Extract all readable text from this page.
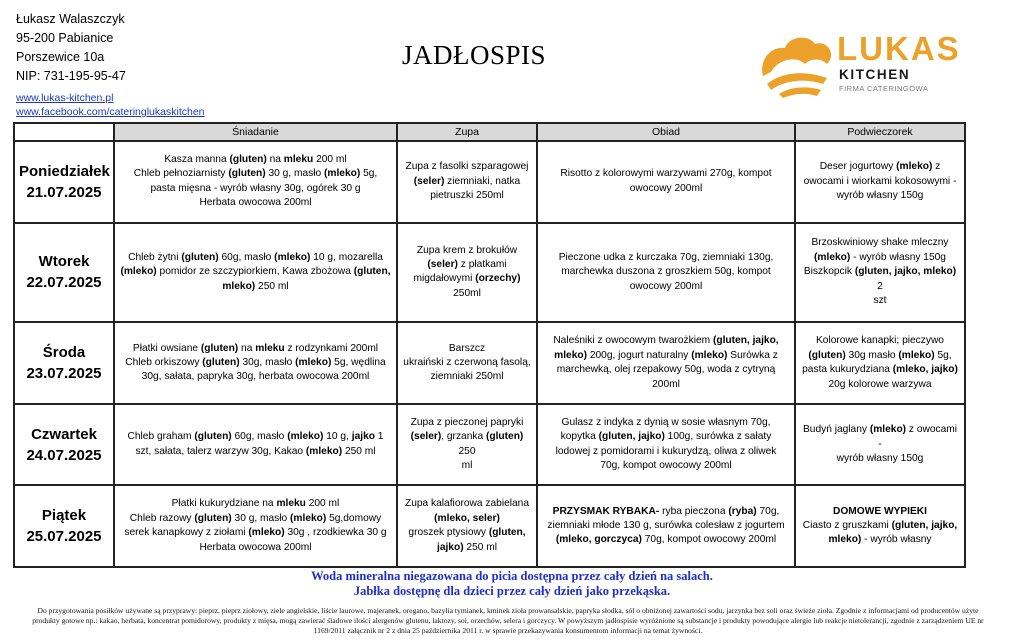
Łukasz Walaszczyk
95-200 Pabianice
Porszewice 10a
NIP: 731-195-95-47
www.lukas-kitchen.pl
www.facebook.com/cateringlukaskitchen
JADŁOSPIS	LUKAS
KITCHEN
FIRMA CATERINGOWA
	Śniadanie	Zupa	Obiad	Podwieczorek

Poniedziałek
21.07.2025	Kasza manna (gluten) na mleku 200 ml
Chleb pełnoziarnisty (gluten) 30 g, masło (mleko) 5g,
pasta mięsna - wyrób własny 30g, ogórek 30 g
Herbata owocowa 200ml	Zupa z fasolki szparagowej
(seler) ziemniaki, natka
pietruszki 250ml	Risotto z kolorowymi warzywami 270g, kompot
owocowy 200ml	Deser jogurtowy (mleko) z
owocami i wiorkami kokosowymi -
wyrób własny 150g

Wtorek
22.07.2025	Chleb żytni (gluten) 60g, masło (mleko) 10 g, mozarella
(mleko) pomidor ze szczypiorkiem, Kawa zbożowa (gluten,
mleko) 250 ml	Zupa krem z brokułów
(seler) z płatkami
migdałowymi (orzechy)
250ml	Pieczone udka z kurczaka 70g, ziemniaki 130g,
marchewka duszona z groszkiem 50g, kompot
owocowy 200ml	Brzoskwiniowy shake mleczny
(mleko) - wyrób własny 150g
Biszkopcik (gluten, jajko, mleko) 2
szt

Środa
23.07.2025	Płatki owsiane (gluten) na mleku z rodzynkami 200ml
Chleb orkiszowy (gluten) 30g, masło (mleko) 5g, wędlina
30g, sałata, papryka 30g, herbata owocowa 200ml	Barszcz
ukraiński z czerwoną fasolą,
ziemniaki 250ml	Naleśniki z owocowym twarożkiem (gluten, jajko,
mleko) 200g, jogurt naturalny (mleko) Surówka z
marchewką, olej rzepakowy 50g, woda z cytryną
200ml	Kolorowe kanapki; pieczywo
(gluten) 30g masło (mleko) 5g,
pasta kukurydziana (mleko, jajko)
20g kolorowe warzywa

Czwartek
24.07.2025	Chleb graham (gluten) 60g, masło (mleko) 10 g, jajko 1
szt, sałata, talerz warzyw 30g, Kakao (mleko) 250 ml	Zupa z pieczonej papryki
(seler), grzanka (gluten) 250
ml	Gulasz z indyka z dynią w sosie własnym 70g,
kopytka (gluten, jajko) 100g, surówka z sałaty
lodowej z pomidorami i kukurydzą, oliwa z oliwek
70g, kompot owocowy 200ml	Budyń jaglany (mleko) z owocami -
wyrób własny 150g

Piątek
25.07.2025	Płatki kukurydziane na mleku 200 ml
Chleb razowy (gluten) 30 g, masło (mleko) 5g,domowy
serek kanapkowy z ziołami (mleko) 30g , rzodkiewka 30 g
Herbata owocowa 200ml	Zupa kalafiorowa zabielana
(mleko, seler)
groszek ptysiowy (gluten,
jajko) 250 ml	PRZYSMAK RYBAKA- ryba pieczona (ryba) 70g,
ziemniaki młode 130 g, surówka colesław z jogurtem
(mleko, gorczyca) 70g, kompot owocowy 200ml	DOMOWE WYPIEKI
Ciasto z gruszkami (gluten, jajko,
mleko) - wyrób własny
Woda mineralna niegazowana do picia dostępna przez cały dzień na salach.
Jabłka dostępnę dla dzieci przez cały dzień jako przekąska.
Do przygotowania posiłków używane są przyprawy: pieprz, pieprz ziołowy, ziele angielskie, liście laurowe, majeranek, oregano, bazylia tymianek, kminek zioła prowansalskie, papryka słodka, sól o obniżonej zawartości sodu, jarzynka bez soli oraz świeże zioła. Zgodnie z informacjami od producentów użyte produkty gotowe np.: kakao, herbata, koncentrat pomidorowy, produkty z mięsa, mogą zawierać śladowe ilości alergenów glutenu, laktozy, soi, orzechów, selera i gorczycy. W powyższym jadłospisie wyróżnione są substancje i produkty powodujące alergie lub reakcje nietolerancji, zgodnie z zarządzeniem UE nr 1169/2011 załącznik nr 2 z dnia 25 października 2011 r. w sprawie przekazywania konsumentom informacji na temat żywności.
